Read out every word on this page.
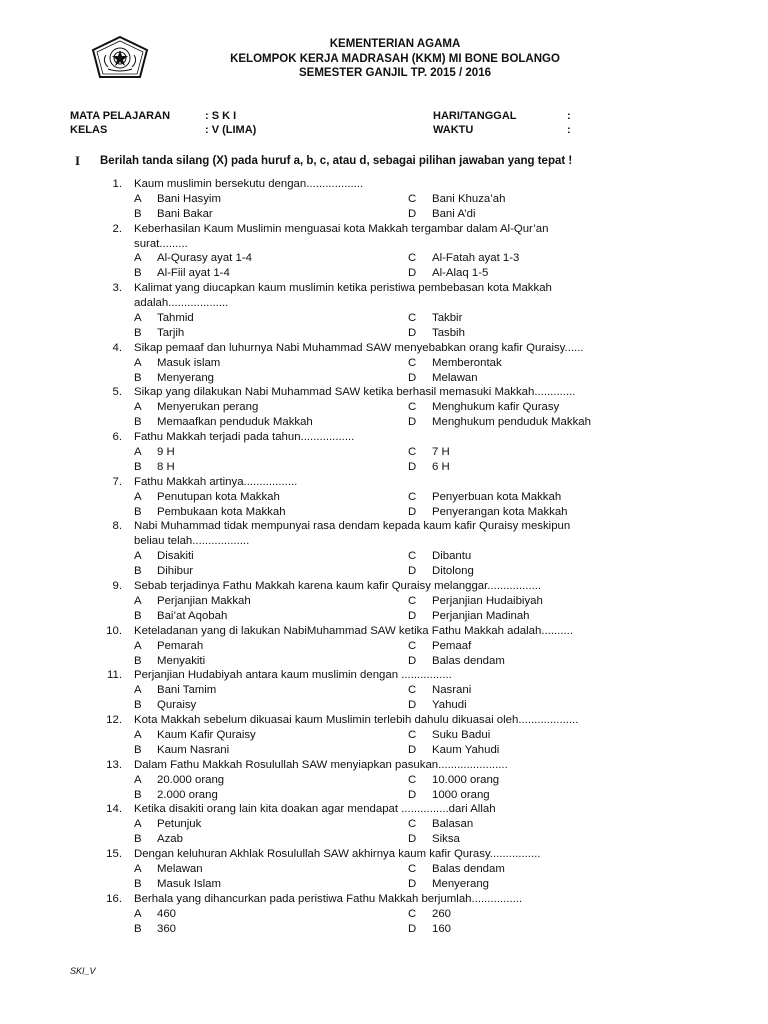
KEMENTERIAN AGAMA
KELOMPOK KERJA MADRASAH (KKM) MI BONE BOLANGO
SEMESTER GANJIL TP. 2015 / 2016
MATA PELAJARAN	: S K I	HARI/TANGGAL	:
KELAS	: V (LIMA)	WAKTU	:
I Berilah tanda silang (X) pada huruf a, b, c, atau d, sebagai pilihan jawaban yang tepat !
1. Kaum muslimin bersekutu dengan..................
A Bani Hasyim	C Bani Khuza’ah
B Bani Bakar	D Bani A’di
2. Keberhasilan Kaum Muslimin menguasai kota Makkah tergambar dalam Al-Qur’an
surat.........
A Al-Qurasy ayat 1-4	C Al-Fatah ayat 1-3
B Al-Fiil ayat 1-4	D Al-Alaq 1-5
3. Kalimat yang diucapkan kaum muslimin ketika peristiwa pembebasan kota Makkah
adalah...................
A Tahmid	C Takbir
B Tarjih	D Tasbih
4. Sikap pemaaf dan luhurnya Nabi Muhammad SAW menyebabkan orang kafir Quraisy......
A Masuk islam	C Memberontak
B Menyerang	D Melawan
5. Sikap yang dilakukan Nabi Muhammad SAW ketika berhasil memasuki Makkah.............
A Menyerukan perang	C Menghukum kafir Qurasy
B Memaafkan penduduk Makkah	D Menghukum penduduk Makkah
6. Fathu Makkah terjadi pada tahun.................
A 9 H	C 7 H
B 8 H	D 6 H
7. Fathu Makkah artinya.................
A Penutupan kota Makkah	C Penyerbuan kota Makkah
B Pembukaan kota Makkah	D Penyerangan kota Makkah
8. Nabi Muhammad tidak mempunyai rasa dendam kepada kaum kafir Quraisy meskipun
beliau telah..................
A Disakiti	C Dibantu
B Dihibur	D Ditolong
9. Sebab terjadinya Fathu Makkah karena kaum kafir Quraisy melanggar.................
A Perjanjian Makkah	C Perjanjian Hudaibiyah
B Bai’at Aqobah	D Perjanjian Madinah
10. Keteladanan yang di lakukan NabiMuhammad SAW ketika Fathu Makkah adalah..........
A Pemarah	C Pemaaf
B Menyakiti	D Balas dendam
11. Perjanjian Hudabiyah antara kaum muslimin dengan ................
A Bani Tamim	C Nasrani
B Quraisy	D Yahudi
12. Kota Makkah sebelum dikuasai kaum Muslimin terlebih dahulu dikuasai oleh...................
A Kaum Kafir Quraisy	C Suku Badui
B Kaum Nasrani	D Kaum Yahudi
13. Dalam Fathu Makkah Rosulullah SAW menyiapkan pasukan......................
A 20.000 orang	C 10.000 orang
B 2.000 orang	D 1000 orang
14. Ketika disakiti orang lain kita doakan agar mendapat ...............dari Allah
A Petunjuk	C Balasan
B Azab	D Siksa
15. Dengan keluhuran Akhlak Rosulullah SAW akhirnya kaum kafir Qurasy................
A Melawan	C Balas dendam
B Masuk Islam	D Menyerang
16. Berhala yang dihancurkan pada peristiwa Fathu Makkah berjumlah................
A 460	C 260
B 360	D 160
SKI_V
